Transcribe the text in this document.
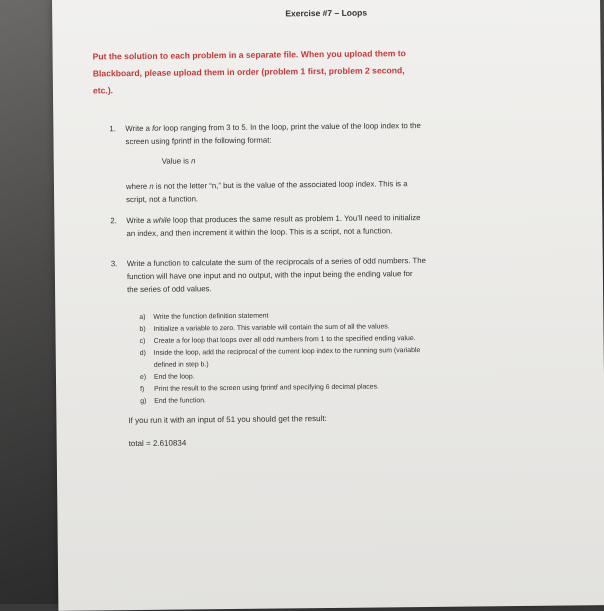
Exercise #7 – Loops
Put the solution to each problem in a separate file. When you upload them to
Blackboard, please upload them in order (problem 1 first, problem 2 second,
etc.).
1. Write a for loop ranging from 3 to 5. In the loop, print the value of the loop index to the
screen using fprintf in the following format:
Value is n
where n is not the letter “n,” but is the value of the associated loop index. This is a
script, not a function.
2. Write a while loop that produces the same result as problem 1. You’ll need to initialize
an index, and then increment it within the loop. This is a script, not a function.
3. Write a function to calculate the sum of the reciprocals of a series of odd numbers. The
function will have one input and no output, with the input being the ending value for
the series of odd values.
a) Write the function definition statement
b) Initialize a variable to zero. This variable will contain the sum of all the values.
c) Create a for loop that loops over all odd numbers from 1 to the specified ending value.
d) Inside the loop, add the reciprocal of the current loop index to the running sum (variable
defined in step b.)
e) End the loop.
f) Print the result to the screen using fprintf and specifying 6 decimal places.
g) End the function.
If you run it with an input of 51 you should get the result:
total = 2.610834
